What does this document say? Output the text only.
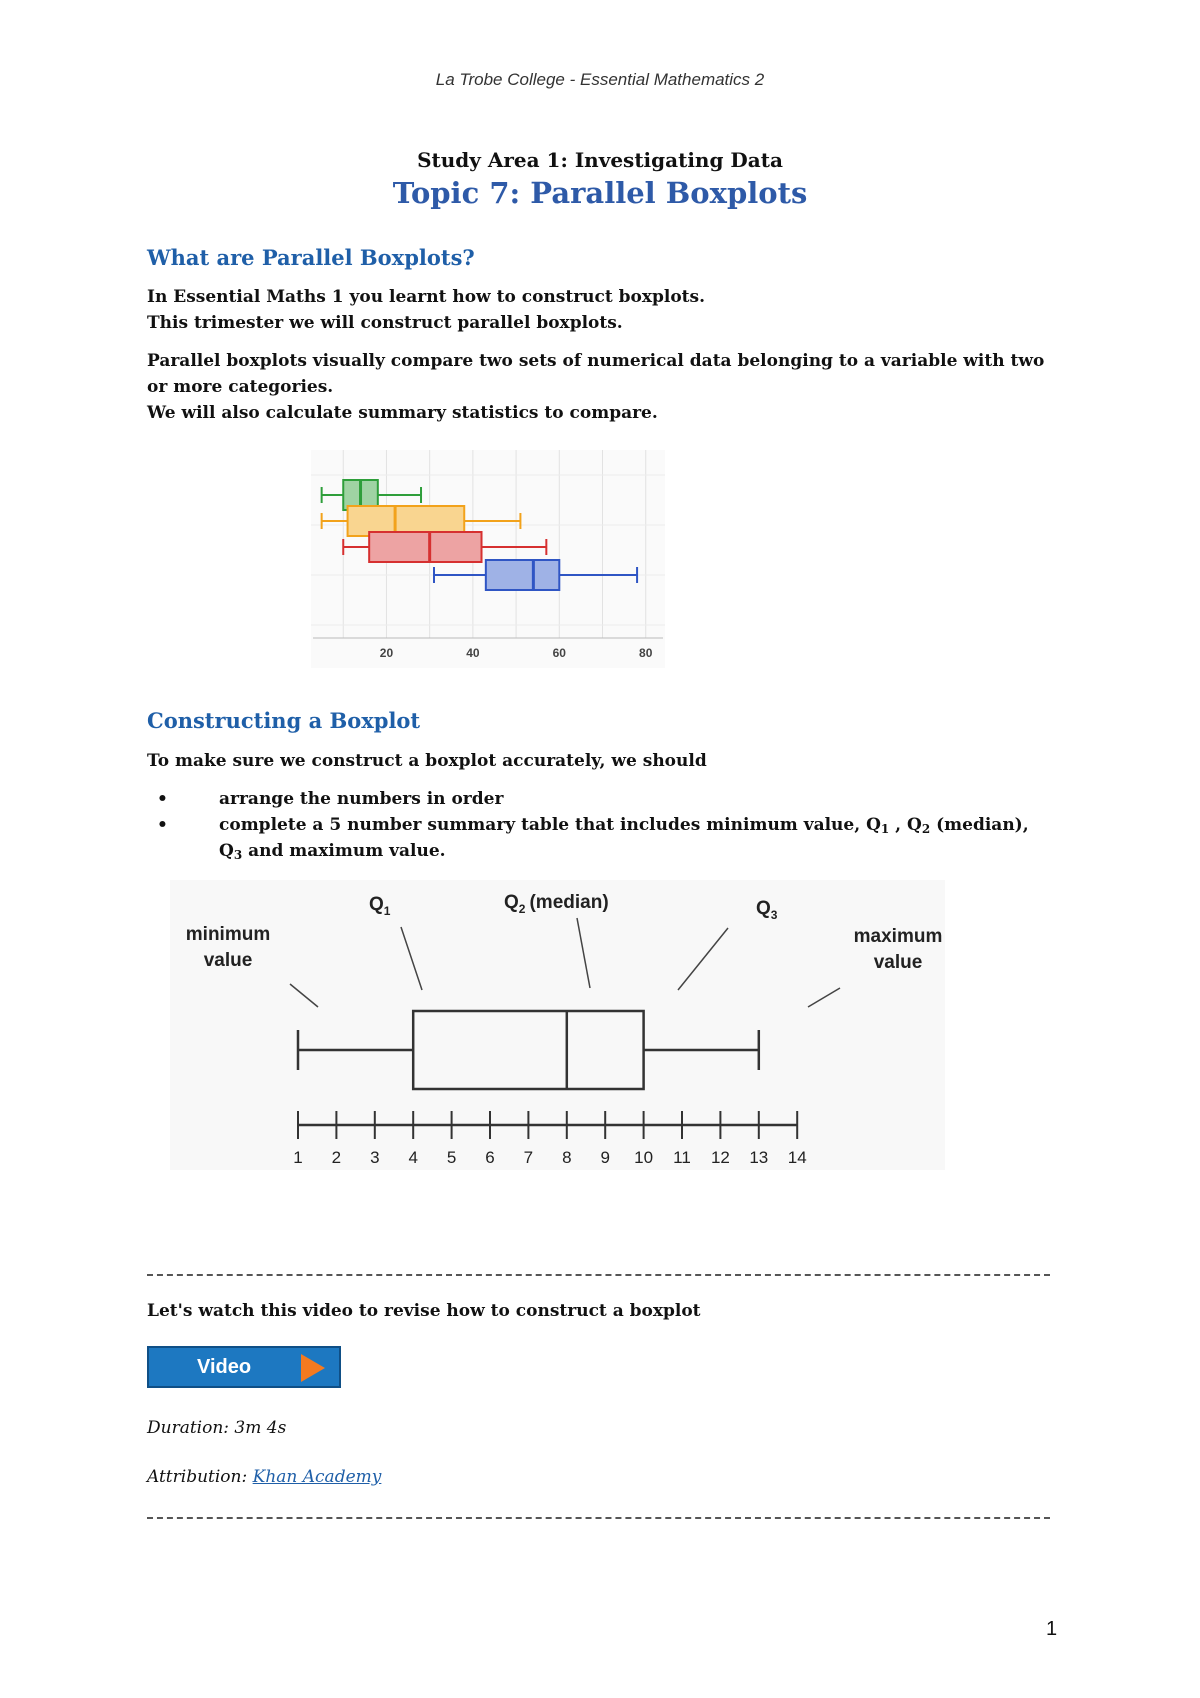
La Trobe College - Essential Mathematics 2
Study Area 1: Investigating Data
Topic 7: Parallel Boxplots
What are Parallel Boxplots?

In Essential Maths 1 you learnt how to construct boxplots.

This trimester we will construct parallel boxplots.

Parallel boxplots visually compare two sets of numerical data belonging to a variable with two or more categories.

We will also calculate summary statistics to compare.

20	40	60	80
Constructing a Boxplot
To make sure we construct a boxplot accurately, we should
•	arrange the numbers in order
•	complete a 5 number summary table that includes minimum value, $Q_1$ , $Q_2$ (median), $Q_3$ and maximum value.
1 2 3 4 5 6 7 8 9 10 11 12 13 14
minimum
value
$Q_1$	$Q_2$ (median)	$Q_3$
maximum
value
Let's watch this video to revise how to construct a boxplot
Video
Duration: 3m 4s
Attribution: Khan Academy
1
